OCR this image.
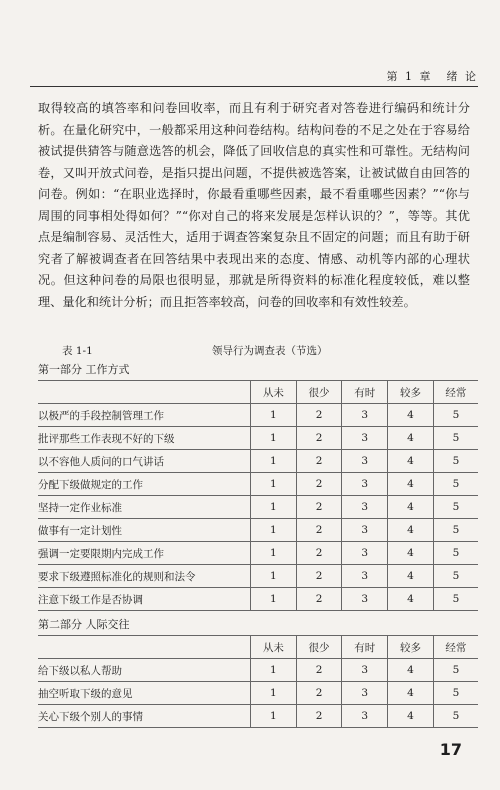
第 1 章 绪 论

取得较高的填答率和问卷回收率，而且有利于研究者对答卷进行编码和统计分析。在量化研究中，一般都采用这种问卷结构。结构问卷的不足之处在于容易给被试提供猜答与随意选答的机会，降低了回收信息的真实性和可靠性。无结构问卷，又叫开放式问卷，是指只提出问题，不提供被选答案，让被试做自由回答的问卷。例如：“在职业选择时，你最看重哪些因素，最不看重哪些因素？”“你与周围的同事相处得如何？”“你对自己的将来发展是怎样认识的？”，等等。其优点是编制容易、灵活性大，适用于调查答案复杂且不固定的问题；而且有助于研究者了解被调查者在回答结果中表现出来的态度、情感、动机等内部的心理状况。但这种问卷的局限也很明显，那就是所得资料的标准化程度较低，难以整理、量化和统计分析；而且拒答率较高，问卷的回收率和有效性较差。

表 1-1	领导行为调查表（节选）
第一部分 工作方式
	从未	很少	有时	较多	经常
以极严的手段控制管理工作	1	2	3	4	5
批评那些工作表现不好的下级	1	2	3	4	5
以不容他人质问的口气讲话	1	2	3	4	5
分配下级做规定的工作	1	2	3	4	5
坚持一定作业标准	1	2	3	4	5
做事有一定计划性	1	2	3	4	5
强调一定要限期内完成工作	1	2	3	4	5
要求下级遵照标准化的规则和法令	1	2	3	4	5
注意下级工作是否协调	1	2	3	4	5
第二部分 人际交往
	从未	很少	有时	较多	经常
给下级以私人帮助	1	2	3	4	5
抽空听取下级的意见	1	2	3	4	5
关心下级个别人的事情	1	2	3	4	5
17
